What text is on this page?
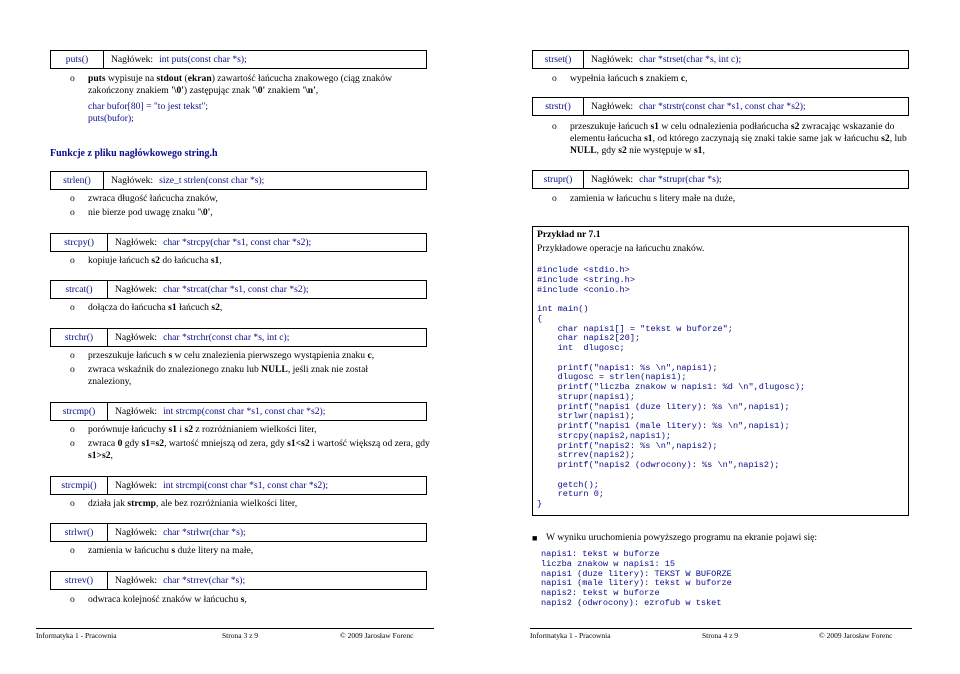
puts()	Nagłówek: int puts(const char *s);
o puts wypisuje na stdout (ekran) zawartość łańcucha znakowego (ciąg znaków zakończony znakiem '\0') zastępując znak '\0' znakiem '\n',
char bufor[80] = "to jest tekst";
puts(bufor);
Funkcje z pliku nagłówkowego string.h
strlen()	Nagłówek: size_t strlen(const char *s);
o zwraca długość łańcucha znaków,
o nie bierze pod uwagę znaku '\0',
strcpy()	Nagłówek: char *strcpy(char *s1, const char *s2);
o kopiuje łańcuch s2 do łańcucha s1,
strcat()	Nagłówek: char *strcat(char *s1, const char *s2);
o dołącza do łańcucha s1 łańcuch s2,
strchr()	Nagłówek: char *strchr(const char *s, int c);
o przeszukuje łańcuch s w celu znalezienia pierwszego wystąpienia znaku c,
o zwraca wskaźnik do znalezionego znaku lub NULL, jeśli znak nie został znaleziony,
strcmp()	Nagłówek: int strcmp(const char *s1, const char *s2);
o porównuje łańcuchy s1 i s2 z rozróżnianiem wielkości liter,
o zwraca 0 gdy s1=s2, wartość mniejszą od zera, gdy s1<s2 i wartość większą od zera, gdy s1>s2,
strcmpi()	Nagłówek: int strcmpi(const char *s1, const char *s2);
o działa jak strcmp, ale bez rozróżniania wielkości liter,
strlwr()	Nagłówek: char *strlwr(char *s);
o zamienia w łańcuchu s duże litery na małe,
strrev()	Nagłówek: char *strrev(char *s);
o odwraca kolejność znaków w łańcuchu s,
Informatyka 1 - Pracownia	Strona 3 z 9	© 2009 Jarosław Forenc
strset()	Nagłówek: char *strset(char *s, int c);
o wypełnia łańcuch s znakiem c,
strstr()	Nagłówek: char *strstr(const char *s1, const char *s2);
o przeszukuje łańcuch s1 w celu odnalezienia podłańcucha s2 zwracając wskazanie do elementu łańcucha s1, od którego zaczynają się znaki takie same jak w łańcuchu s2, lub NULL, gdy s2 nie występuje w s1,
strupr()	Nagłówek: char *strupr(char *s);
o zamienia w łańcuchu s litery małe na duże,
Przykład nr 7.1
Przykładowe operacje na łańcuchu znaków.
#include <stdio.h>
#include <string.h>
#include <conio.h>

int main()
{
char napis1[] = "tekst w buforze";
char napis2[20];
int  dlugosc;

printf("napis1: %s \n",napis1);
dlugosc = strlen(napis1);
printf("liczba znakow w napis1: %d \n",dlugosc);
strupr(napis1);
printf("napis1 (duze litery): %s \n",napis1);
strlwr(napis1);
printf("napis1 (male litery): %s \n",napis1);
strcpy(napis2,napis1);
printf("napis2: %s \n",napis2);
strrev(napis2);
printf("napis2 (odwrocony): %s \n",napis2);

getch();
return 0;
}
■ W wyniku uruchomienia powyższego programu na ekranie pojawi się:
napis1: tekst w buforze
liczba znakow w napis1: 15
napis1 (duze litery): TEKST W BUFORZE
napis1 (male litery): tekst w buforze
napis2: tekst w buforze
napis2 (odwrocony): ezrofub w tsket
Informatyka 1 - Pracownia	Strona 4 z 9	© 2009 Jarosław Forenc
